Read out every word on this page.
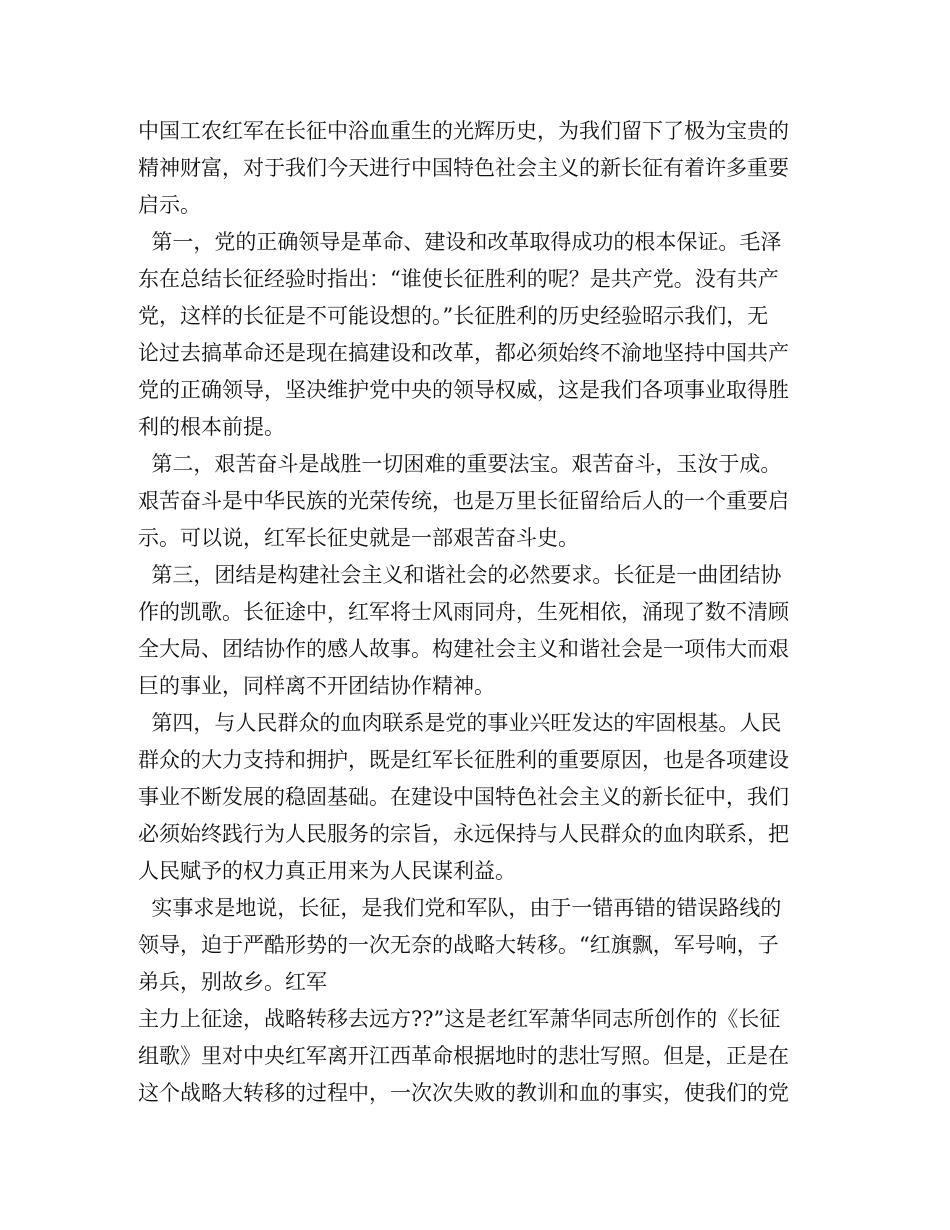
中国工农红军在长征中浴血重生的光辉历史，为我们留下了极为宝贵的
精神财富，对于我们今天进行中国特色社会主义的新长征有着许多重要
启示。
第一，党的正确领导是革命、建设和改革取得成功的根本保证。毛泽
东在总结长征经验时指出：“谁使长征胜利的呢？是共产党。没有共产
党，这样的长征是不可能设想的。”长征胜利的历史经验昭示我们，无
论过去搞革命还是现在搞建设和改革，都必须始终不渝地坚持中国共产
党的正确领导，坚决维护党中央的领导权威，这是我们各项事业取得胜
利的根本前提。
第二，艰苦奋斗是战胜一切困难的重要法宝。艰苦奋斗，玉汝于成。
艰苦奋斗是中华民族的光荣传统，也是万里长征留给后人的一个重要启
示。可以说，红军长征史就是一部艰苦奋斗史。
第三，团结是构建社会主义和谐社会的必然要求。长征是一曲团结协
作的凯歌。长征途中，红军将士风雨同舟，生死相依，涌现了数不清顾
全大局、团结协作的感人故事。构建社会主义和谐社会是一项伟大而艰
巨的事业，同样离不开团结协作精神。
第四，与人民群众的血肉联系是党的事业兴旺发达的牢固根基。人民
群众的大力支持和拥护，既是红军长征胜利的重要原因，也是各项建设
事业不断发展的稳固基础。在建设中国特色社会主义的新长征中，我们
必须始终践行为人民服务的宗旨，永远保持与人民群众的血肉联系，把
人民赋予的权力真正用来为人民谋利益。
实事求是地说，长征，是我们党和军队，由于一错再错的错误路线的
领导，迫于严酷形势的一次无奈的战略大转移。“红旗飘，军号响，子
弟兵，别故乡。红军
主力上征途，战略转移去远方??”这是老红军萧华同志所创作的《长征
组歌》里对中央红军离开江西革命根据地时的悲壮写照。但是，正是在
这个战略大转移的过程中，一次次失败的教训和血的事实，使我们的党
